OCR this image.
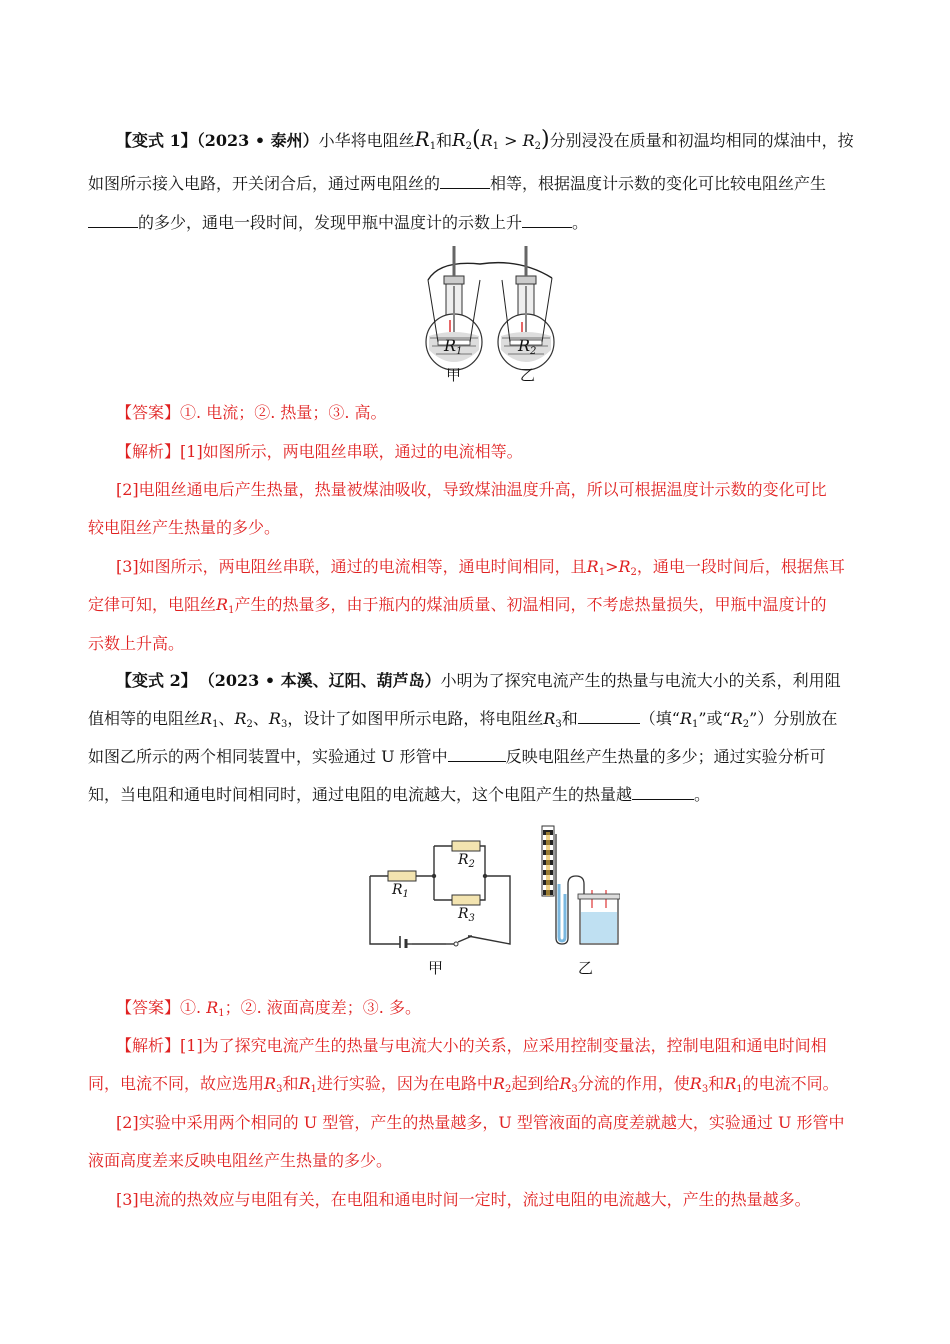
【变式 1】（2023 • 泰州）小华将电阻丝$R_1$和$R_2(R_1 > R_2)$分别浸没在质量和初温均相同的煤油中，按
如图所示接入电路，开关闭合后，通过两电阻丝的	相等，根据温度计示数的变化可比较电阻丝产生
的多少，通电一段时间，发现甲瓶中温度计的示数上升	。
$R_1$	$R_2$
甲	乙
【答案】①. 电流；②. 热量；③. 高。
【解析】[1]如图所示，两电阻丝串联，通过的电流相等。
[2]电阻丝通电后产生热量，热量被煤油吸收，导致煤油温度升高，所以可根据温度计示数的变化可比
较电阻丝产生热量的多少。
[3]如图所示，两电阻丝串联，通过的电流相等，通电时间相同，且$R_1>R_2$，通电一段时间后，根据焦耳
定律可知，电阻丝$R_1$产生的热量多，由于瓶内的煤油质量、初温相同，不考虑热量损失，甲瓶中温度计的
示数上升高。
【变式 2】 （2023 • 本溪、辽阳、葫芦岛）小明为了探究电流产生的热量与电流大小的关系，利用阻
值相等的电阻丝$R_1$、$R_2$、$R_3$，设计了如图甲所示电路，将电阻丝$R_3$和	（填“$R_1$”或“$R_2$”）分别放在
如图乙所示的两个相同装置中，实验通过 U 形管中	反映电阻丝产生热量的多少；通过实验分析可
知，当电阻和通电时间相同时，通过电阻的电流越大，这个电阻产生的热量越	。
$R_1$
$R_2$
$R_3$
甲	乙
【答案】①. $R_1$；②. 液面高度差；③. 多。
【解析】[1]为了探究电流产生的热量与电流大小的关系，应采用控制变量法，控制电阻和通电时间相
同，电流不同，故应选用$R_3$和$R_1$进行实验，因为在电路中$R_2$起到给$R_3$分流的作用，使$R_3$和$R_1$的电流不同。
[2]实验中采用两个相同的 U 型管，产生的热量越多，U 型管液面的高度差就越大，实验通过 U 形管中
液面高度差来反映电阻丝产生热量的多少。
[3]电流的热效应与电阻有关，在电阻和通电时间一定时，流过电阻的电流越大，产生的热量越多。
